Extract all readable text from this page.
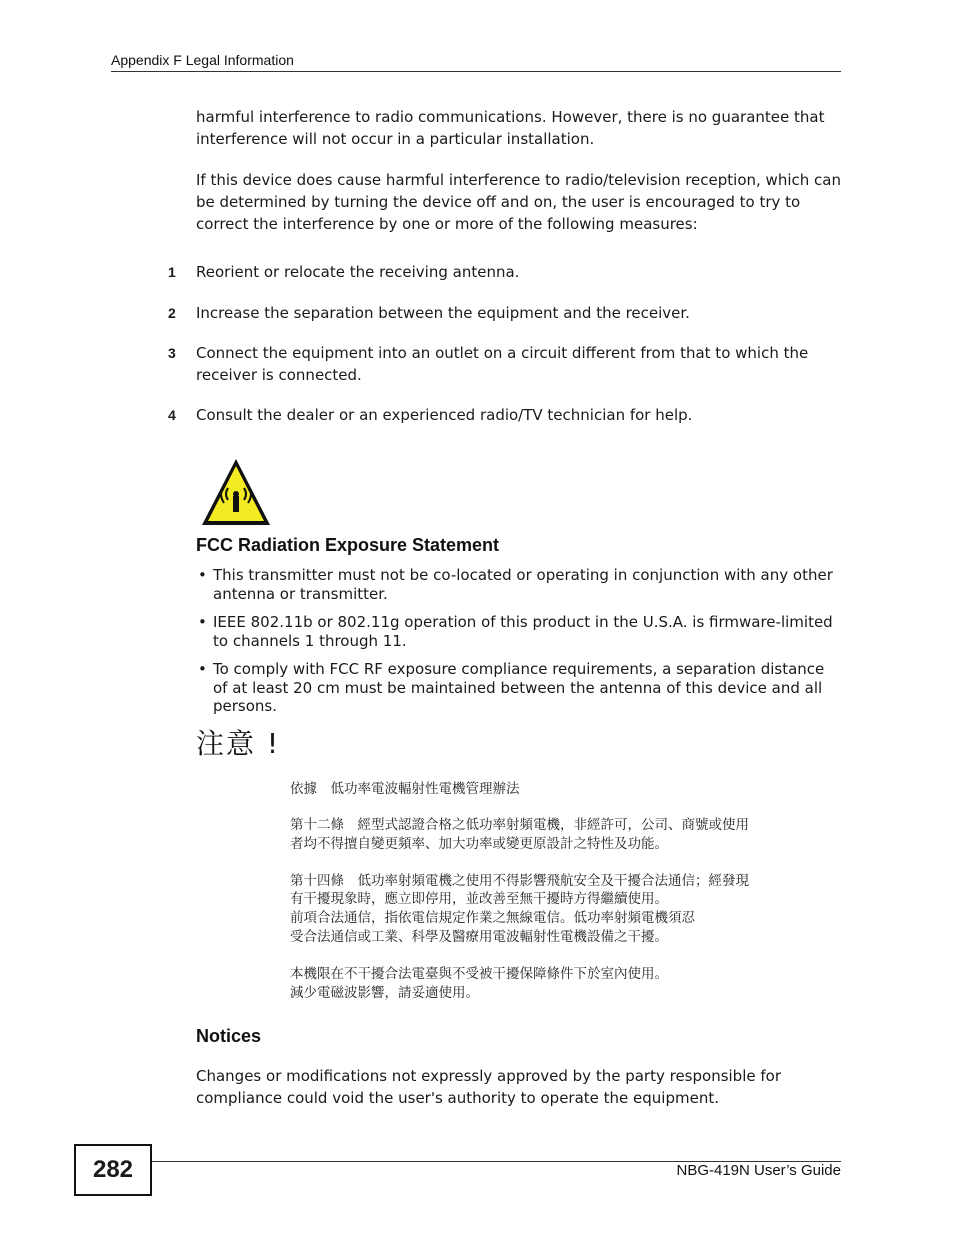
Appendix F Legal Information
harmful interference to radio communications. However, there is no guarantee that interference will not occur in a particular installation.
If this device does cause harmful interference to radio/television reception, which can be determined by turning the device off and on, the user is encouraged to try to correct the interference by one or more of the following measures:
1 Reorient or relocate the receiving antenna.
2 Increase the separation between the equipment and the receiver.
3 Connect the equipment into an outlet on a circuit different from that to which the receiver is connected.
4 Consult the dealer or an experienced radio/TV technician for help.
FCC Radiation Exposure Statement
• This transmitter must not be co-located or operating in conjunction with any other antenna or transmitter.
• IEEE 802.11b or 802.11g operation of this product in the U.S.A. is firmware-limited to channels 1 through 11.
• To comply with FCC RF exposure compliance requirements, a separation distance of at least 20 cm must be maintained between the antenna of this device and all persons.
注意 !
依據　低功率電波輻射性電機管理辦法
第十二條　經型式認證合格之低功率射頻電機，非經許可，公司、商號或使用
者均不得擅自變更頻率、加大功率或變更原設計之特性及功能。
第十四條　低功率射頻電機之使用不得影響飛航安全及干擾合法通信；經發現
有干擾現象時，應立即停用，並改善至無干擾時方得繼續使用。
前項合法通信，指依電信規定作業之無線電信。低功率射頻電機須忍
受合法通信或工業、科學及醫療用電波輻射性電機設備之干擾。
本機限在不干擾合法電臺與不受被干擾保障條件下於室內使用。
減少電磁波影響，請妥適使用。
Notices
Changes or modifications not expressly approved by the party responsible for compliance could void the user's authority to operate the equipment.
282	NBG-419N User’s Guide
